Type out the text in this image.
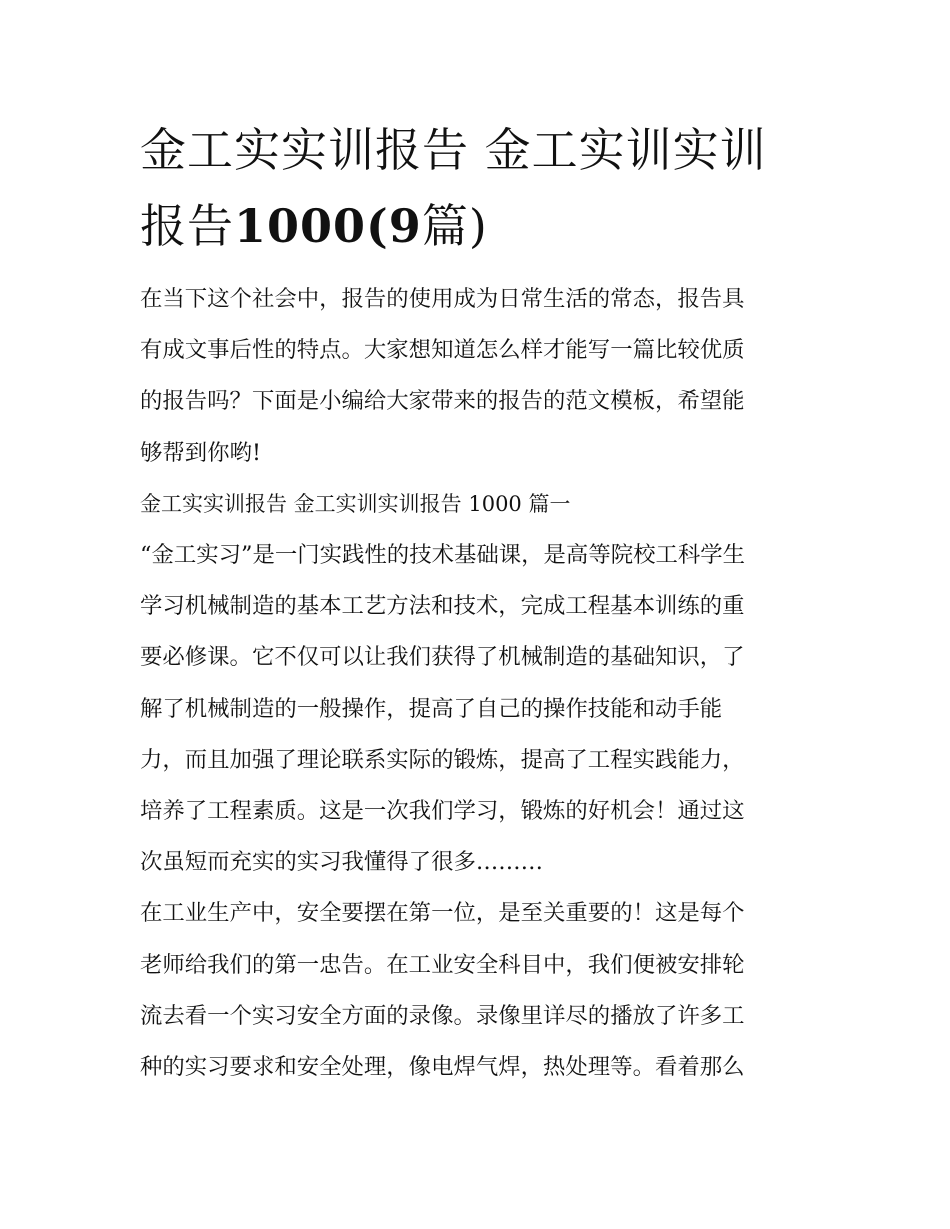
金工实实训报告 金工实训实训
报告1000(9篇)

在当下这个社会中，报告的使用成为日常生活的常态，报告具
有成文事后性的特点。大家想知道怎么样才能写一篇比较优质
的报告吗？下面是小编给大家带来的报告的范文模板，希望能
够帮到你哟!

金工实实训报告 金工实训实训报告 1000 篇一

“金工实习”是一门实践性的技术基础课，是高等院校工科学生
学习机械制造的基本工艺方法和技术，完成工程基本训练的重
要必修课。它不仅可以让我们获得了机械制造的基础知识，了
解了机械制造的一般操作，提高了自己的操作技能和动手能
力，而且加强了理论联系实际的锻炼，提高了工程实践能力，
培养了工程素质。这是一次我们学习，锻炼的好机会！通过这
次虽短而充实的实习我懂得了很多………

在工业生产中，安全要摆在第一位，是至关重要的！这是每个
老师给我们的第一忠告。在工业安全科目中，我们便被安排轮
流去看一个实习安全方面的录像。录像里详尽的播放了许多工
种的实习要求和安全处理，像电焊气焊，热处理等。看着那么
